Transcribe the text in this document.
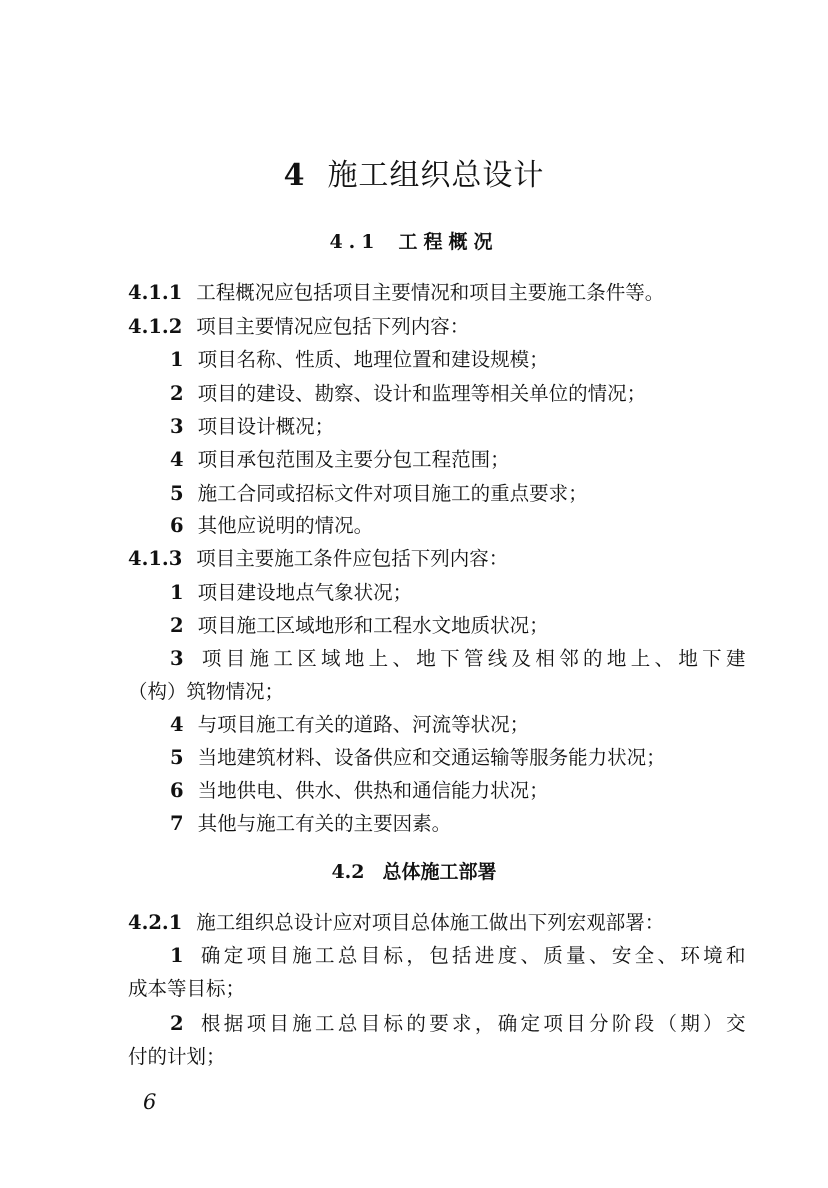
4 施工组织总设计
4.1 工程概况
4.1.1 工程概况应包括项目主要情况和项目主要施工条件等。
4.1.2 项目主要情况应包括下列内容：
1 项目名称、性质、地理位置和建设规模；
2 项目的建设、勘察、设计和监理等相关单位的情况；
3 项目设计概况；
4 项目承包范围及主要分包工程范围；
5 施工合同或招标文件对项目施工的重点要求；
6 其他应说明的情况。
4.1.3 项目主要施工条件应包括下列内容：
1 项目建设地点气象状况；
2 项目施工区域地形和工程水文地质状况；
3 项目施工区域地上、地下管线及相邻的地上、地下建
（构）筑物情况；
4 与项目施工有关的道路、河流等状况；
5 当地建筑材料、设备供应和交通运输等服务能力状况；
6 当地供电、供水、供热和通信能力状况；
7 其他与施工有关的主要因素。
4.2 总体施工部署
4.2.1 施工组织总设计应对项目总体施工做出下列宏观部署：
1 确定项目施工总目标，包括进度、质量、安全、环境和
成本等目标；
2 根据项目施工总目标的要求，确定项目分阶段（期）交
付的计划；
6
